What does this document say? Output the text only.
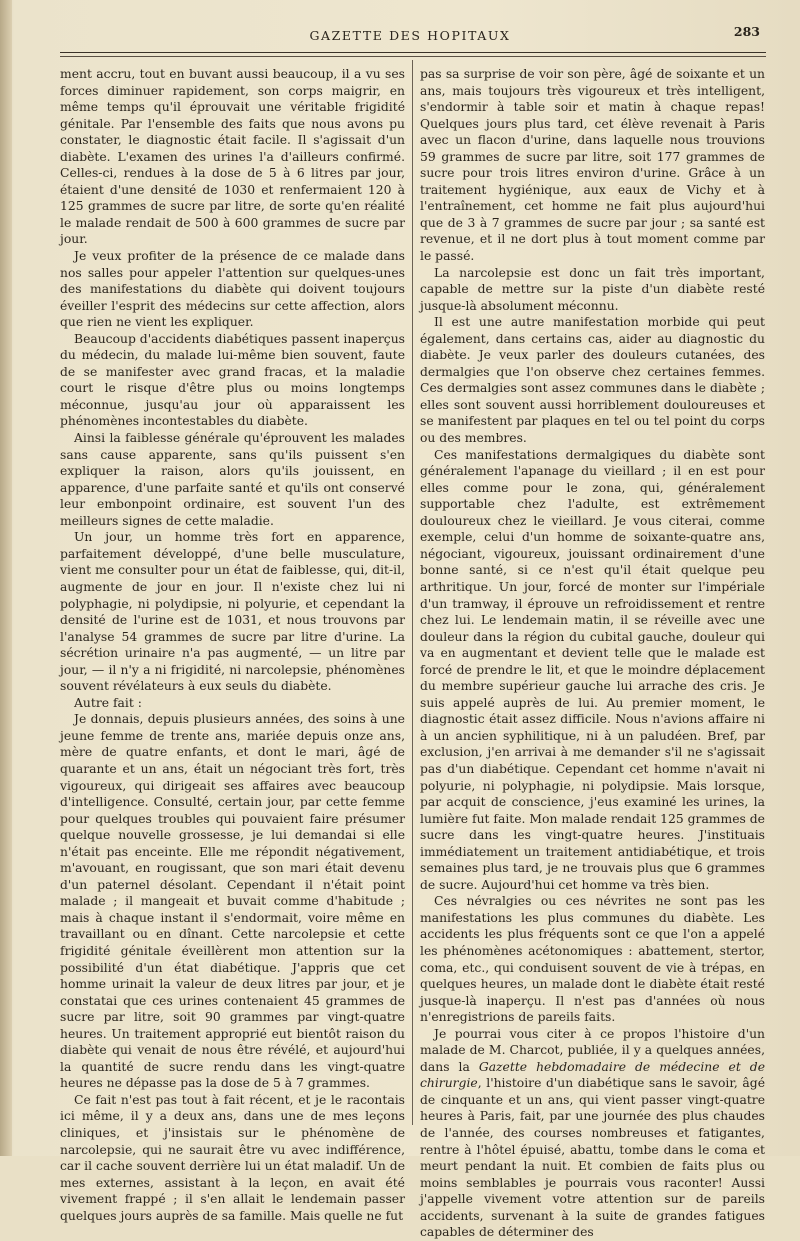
GAZETTE DES HOPITAUX	283

ment accru, tout en buvant aussi beaucoup, il a vu ses forces diminuer rapidement, son corps maigrir, en même temps qu'il éprouvait une véritable frigidité génitale. Par l'ensemble des faits que nous avons pu constater, le diagnostic était facile. Il s'agissait d'un diabète. L'examen des urines l'a d'ailleurs confirmé. Celles-ci, rendues à la dose de 5 à 6 litres par jour, étaient d'une densité de 1030 et renfermaient 120 à 125 grammes de sucre par litre, de sorte qu'en réalité le malade rendait de 500 à 600 grammes de sucre par jour.

Je veux profiter de la présence de ce malade dans nos salles pour appeler l'attention sur quelques-unes des manifestations du diabète qui doivent toujours éveiller l'esprit des médecins sur cette affection, alors que rien ne vient les expliquer.

Beaucoup d'accidents diabétiques passent inaperçus du médecin, du malade lui-même bien souvent, faute de se manifester avec grand fracas, et la maladie court le risque d'être plus ou moins longtemps méconnue, jusqu'au jour où apparaissent les phénomènes incontestables du diabète.

Ainsi la faiblesse générale qu'éprouvent les malades sans cause apparente, sans qu'ils puissent s'en expliquer la raison, alors qu'ils jouissent, en apparence, d'une parfaite santé et qu'ils ont conservé leur embonpoint ordinaire, est souvent l'un des meilleurs signes de cette maladie.

Un jour, un homme très fort en apparence, parfaitement développé, d'une belle musculature, vient me consulter pour un état de faiblesse, qui, dit-il, augmente de jour en jour. Il n'existe chez lui ni polyphagie, ni polydipsie, ni polyurie, et cependant la densité de l'urine est de 1031, et nous trouvons par l'analyse 54 grammes de sucre par litre d'urine. La sécrétion urinaire n'a pas augmenté, — un litre par jour, — il n'y a ni frigidité, ni narcolepsie, phénomènes souvent révélateurs à eux seuls du diabète.

Autre fait :

Je donnais, depuis plusieurs années, des soins à une jeune femme de trente ans, mariée depuis onze ans, mère de quatre enfants, et dont le mari, âgé de quarante et un ans, était un négociant très fort, très vigoureux, qui dirigeait ses affaires avec beaucoup d'intelligence. Consulté, certain jour, par cette femme pour quelques troubles qui pouvaient faire présumer quelque nouvelle grossesse, je lui demandai si elle n'était pas enceinte. Elle me répondit négativement, m'avouant, en rougissant, que son mari était devenu d'un paternel désolant. Cependant il n'était point malade ; il mangeait et buvait comme d'habitude ; mais à chaque instant il s'endormait, voire même en travaillant ou en dînant. Cette narcolepsie et cette frigidité génitale éveillèrent mon attention sur la possibilité d'un état diabétique. J'appris que cet homme urinait la valeur de deux litres par jour, et je constatai que ces urines contenaient 45 grammes de sucre par litre, soit 90 grammes par vingt-quatre heures. Un traitement approprié eut bientôt raison du diabète qui venait de nous être révélé, et aujourd'hui la quantité de sucre rendu dans les vingt-quatre heures ne dépasse pas la dose de 5 à 7 grammes.

Ce fait n'est pas tout à fait récent, et je le racontais ici même, il y a deux ans, dans une de mes leçons cliniques, et j'insistais sur le phénomène de narcolepsie, qui ne saurait être vu avec indifférence, car il cache souvent derrière lui un état maladif. Un de mes externes, assistant à la leçon, en avait été vivement frappé ; il s'en allait le lendemain passer quelques jours auprès de sa famille. Mais quelle ne fut

pas sa surprise de voir son père, âgé de soixante et un ans, mais toujours très vigoureux et très intelligent, s'endormir à table soir et matin à chaque repas! Quelques jours plus tard, cet élève revenait à Paris avec un flacon d'urine, dans laquelle nous trouvions 59 grammes de sucre par litre, soit 177 grammes de sucre pour trois litres environ d'urine. Grâce à un traitement hygiénique, aux eaux de Vichy et à l'entraînement, cet homme ne fait plus aujourd'hui que de 3 à 7 grammes de sucre par jour ; sa santé est revenue, et il ne dort plus à tout moment comme par le passé.

La narcolepsie est donc un fait très important, capable de mettre sur la piste d'un diabète resté jusque-là absolument méconnu.

Il est une autre manifestation morbide qui peut également, dans certains cas, aider au diagnostic du diabète. Je veux parler des douleurs cutanées, des dermalgies que l'on observe chez certaines femmes. Ces dermalgies sont assez communes dans le diabète ; elles sont souvent aussi horriblement douloureuses et se manifestent par plaques en tel ou tel point du corps ou des membres.

Ces manifestations dermalgiques du diabète sont généralement l'apanage du vieillard ; il en est pour elles comme pour le zona, qui, généralement supportable chez l'adulte, est extrêmement douloureux chez le vieillard. Je vous citerai, comme exemple, celui d'un homme de soixante-quatre ans, négociant, vigoureux, jouissant ordinairement d'une bonne santé, si ce n'est qu'il était quelque peu arthritique. Un jour, forcé de monter sur l'impériale d'un tramway, il éprouve un refroidissement et rentre chez lui. Le lendemain matin, il se réveille avec une douleur dans la région du cubital gauche, douleur qui va en augmentant et devient telle que le malade est forcé de prendre le lit, et que le moindre déplacement du membre supérieur gauche lui arrache des cris. Je suis appelé auprès de lui. Au premier moment, le diagnostic était assez difficile. Nous n'avions affaire ni à un ancien syphilitique, ni à un paludéen. Bref, par exclusion, j'en arrivai à me demander s'il ne s'agissait pas d'un diabétique. Cependant cet homme n'avait ni polyurie, ni polyphagie, ni polydipsie. Mais lorsque, par acquit de conscience, j'eus examiné les urines, la lumière fut faite. Mon malade rendait 125 grammes de sucre dans les vingt-quatre heures. J'instituais immédiatement un traitement antidiabétique, et trois semaines plus tard, je ne trouvais plus que 6 grammes de sucre. Aujourd'hui cet homme va très bien.

Ces névralgies ou ces névrites ne sont pas les manifestations les plus communes du diabète. Les accidents les plus fréquents sont ce que l'on a appelé les phénomènes acétonomiques : abattement, stertor, coma, etc., qui conduisent souvent de vie à trépas, en quelques heures, un malade dont le diabète était resté jusque-là inaperçu. Il n'est pas d'années où nous n'enregistrions de pareils faits.

Je pourrai vous citer à ce propos l'histoire d'un malade de M. Charcot, publiée, il y a quelques années, dans la Gazette hebdomadaire de médecine et de chirurgie, l'histoire d'un diabétique sans le savoir, âgé de cinquante et un ans, qui vient passer vingt-quatre heures à Paris, fait, par une journée des plus chaudes de l'année, des courses nombreuses et fatigantes, rentre à l'hôtel épuisé, abattu, tombe dans le coma et meurt pendant la nuit. Et combien de faits plus ou moins semblables je pourrais vous raconter! Aussi j'appelle vivement votre attention sur de pareils accidents, survenant à la suite de grandes fatigues capables de déterminer des
